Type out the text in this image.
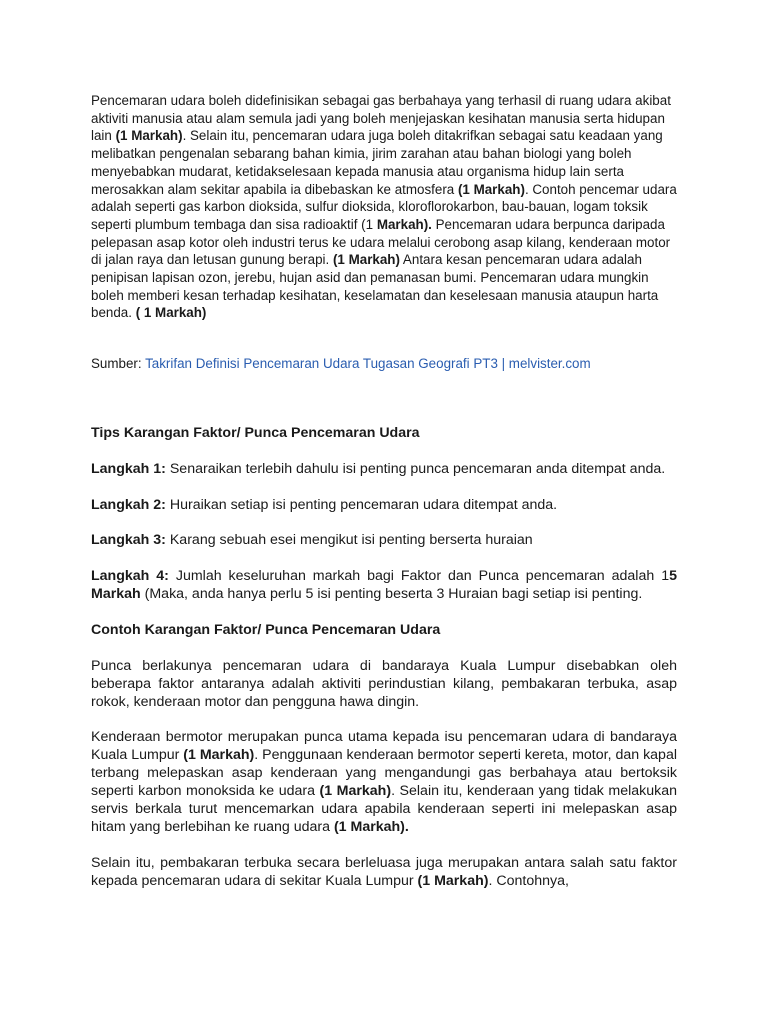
Pencemaran udara boleh didefinisikan sebagai gas berbahaya yang terhasil di ruang udara akibat aktiviti manusia atau alam semula jadi yang boleh menjejaskan kesihatan manusia serta hidupan lain (1 Markah). Selain itu, pencemaran udara juga boleh ditakrifkan sebagai satu keadaan yang melibatkan pengenalan sebarang bahan kimia, jirim zarahan atau bahan biologi yang boleh menyebabkan mudarat, ketidakselesaan kepada manusia atau organisma hidup lain serta merosakkan alam sekitar apabila ia dibebaskan ke atmosfera (1 Markah). Contoh pencemar udara adalah seperti gas karbon dioksida, sulfur dioksida, kloroflorokarbon, bau-bauan, logam toksik seperti plumbum tembaga dan sisa radioaktif (1 Markah). Pencemaran udara berpunca daripada pelepasan asap kotor oleh industri terus ke udara melalui cerobong asap kilang, kenderaan motor di jalan raya dan letusan gunung berapi. (1 Markah) Antara kesan pencemaran udara adalah penipisan lapisan ozon, jerebu, hujan asid dan pemanasan bumi. Pencemaran udara mungkin boleh memberi kesan terhadap kesihatan, keselamatan dan keselesaan manusia ataupun harta benda. ( 1 Markah)

Sumber: Takrifan Definisi Pencemaran Udara Tugasan Geografi PT3 | melvister.com

Tips Karangan Faktor/ Punca Pencemaran Udara

Langkah 1: Senaraikan terlebih dahulu isi penting punca pencemaran anda ditempat anda.

Langkah 2: Huraikan setiap isi penting pencemaran udara ditempat anda.

Langkah 3: Karang sebuah esei mengikut isi penting berserta huraian

Langkah 4: Jumlah keseluruhan markah bagi Faktor dan Punca pencemaran adalah 15 Markah (Maka, anda hanya perlu 5 isi penting beserta 3 Huraian bagi setiap isi penting.

Contoh Karangan Faktor/ Punca Pencemaran Udara

Punca berlakunya pencemaran udara di bandaraya Kuala Lumpur disebabkan oleh beberapa faktor antaranya adalah aktiviti perindustian kilang, pembakaran terbuka, asap rokok, kenderaan motor dan pengguna hawa dingin.

Kenderaan bermotor merupakan punca utama kepada isu pencemaran udara di bandaraya Kuala Lumpur (1 Markah). Penggunaan kenderaan bermotor seperti kereta, motor, dan kapal terbang melepaskan asap kenderaan yang mengandungi gas berbahaya atau bertoksik seperti karbon monoksida ke udara (1 Markah). Selain itu, kenderaan yang tidak melakukan servis berkala turut mencemarkan udara apabila kenderaan seperti ini melepaskan asap hitam yang berlebihan ke ruang udara (1 Markah).

Selain itu, pembakaran terbuka secara berleluasa juga merupakan antara salah satu faktor kepada pencemaran udara di sekitar Kuala Lumpur (1 Markah). Contohnya,
